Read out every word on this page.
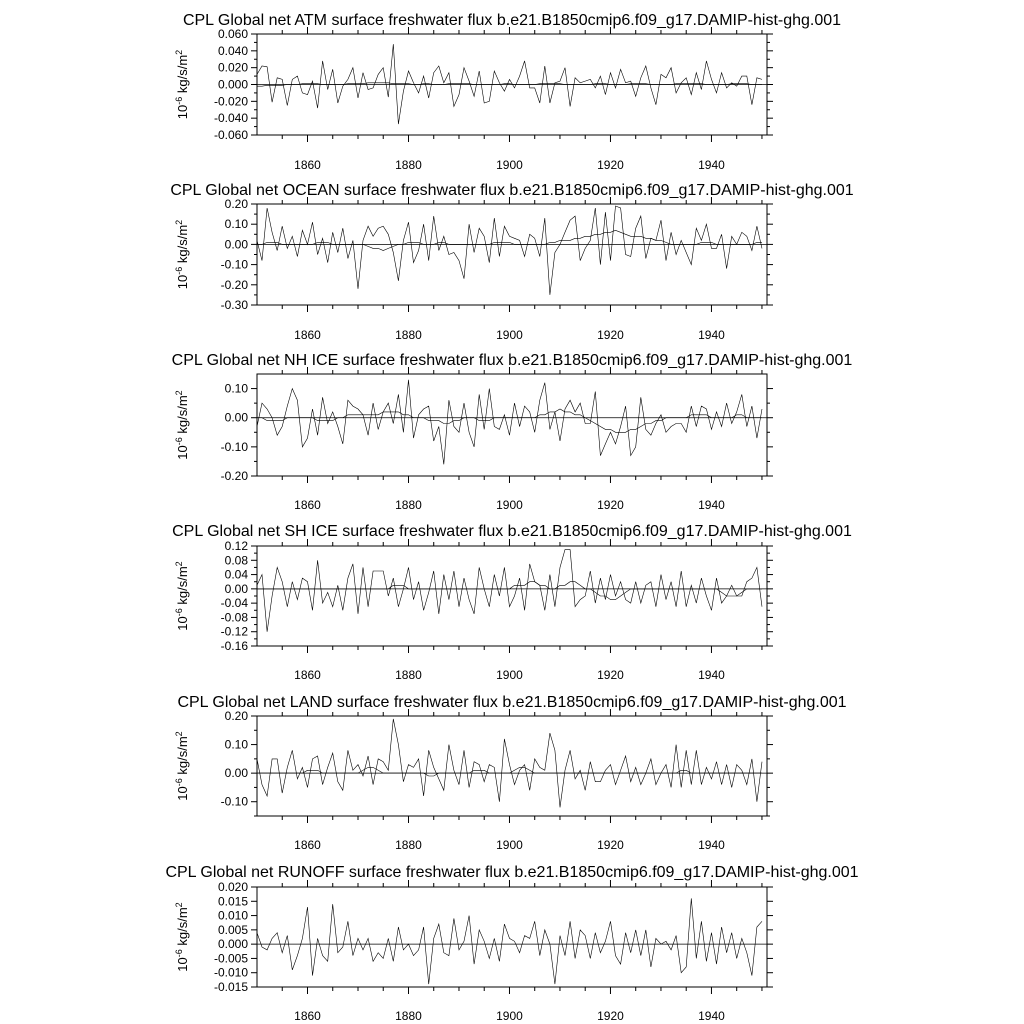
CPL Global net ATM surface freshwater flux b.e21.B1850cmip6.f09_g17.DAMIP-hist-ghg.001
1860	1880	1900	1920	1940
-0.060
-0.040
-0.020
0.000
0.020
0.040
0.060
$10^{-6}$ $kg/s/m^2$
CPL Global net OCEAN surface freshwater flux b.e21.B1850cmip6.f09_g17.DAMIP-hist-ghg.001
1860	1880	1900	1920	1940
-0.30
-0.20
-0.10
0.00
0.10
0.20
$10^{-6}$ $kg/s/m^2$
CPL Global net NH ICE surface freshwater flux b.e21.B1850cmip6.f09_g17.DAMIP-hist-ghg.001
1860	1880	1900	1920	1940
-0.20
-0.10
0.00
0.10
$10^{-6}$ $kg/s/m^2$
CPL Global net SH ICE surface freshwater flux b.e21.B1850cmip6.f09_g17.DAMIP-hist-ghg.001
1860	1880	1900	1920	1940
-0.16
-0.12
-0.08
-0.04
0.00
0.04
0.08
0.12
$10^{-6}$ $kg/s/m^2$
CPL Global net LAND surface freshwater flux b.e21.B1850cmip6.f09_g17.DAMIP-hist-ghg.001
1860	1880	1900	1920	1940
-0.10
0.00
0.10
0.20
$10^{-6}$ $kg/s/m^2$
CPL Global net RUNOFF surface freshwater flux b.e21.B1850cmip6.f09_g17.DAMIP-hist-ghg.001
1860	1880	1900	1920	1940
-0.015
-0.010
-0.005
0.000
0.005
0.010
0.015
0.020
$10^{-6}$ $kg/s/m^2$
